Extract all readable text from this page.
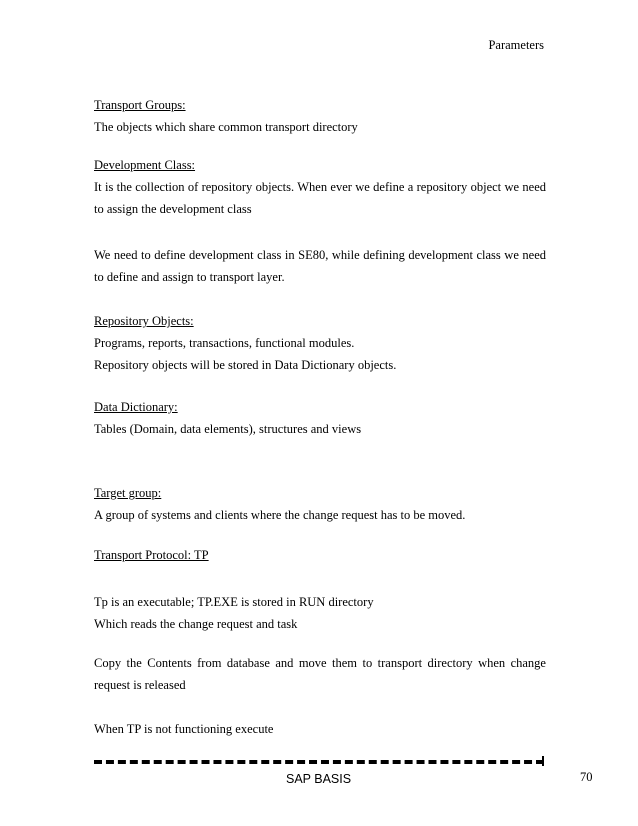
Parameters
Transport Groups:
The objects which share common transport directory
Development Class:
It is the collection of repository objects. When ever we define a repository object we need
to assign the development class
We need to define development class in SE80, while defining development class we need
to define and assign to transport layer.
Repository Objects:
Programs, reports, transactions, functional modules.
Repository objects will be stored in Data Dictionary objects.
Data Dictionary:
Tables (Domain, data elements), structures and views
Target group:
A group of systems and clients where the change request has to be moved.
Transport Protocol: TP
Tp is an executable; TP.EXE is stored in RUN directory
Which reads the change request and task
Copy the Contents from database and move them to transport directory when change
request is released
When TP is not functioning execute
SAP BASIS	70
